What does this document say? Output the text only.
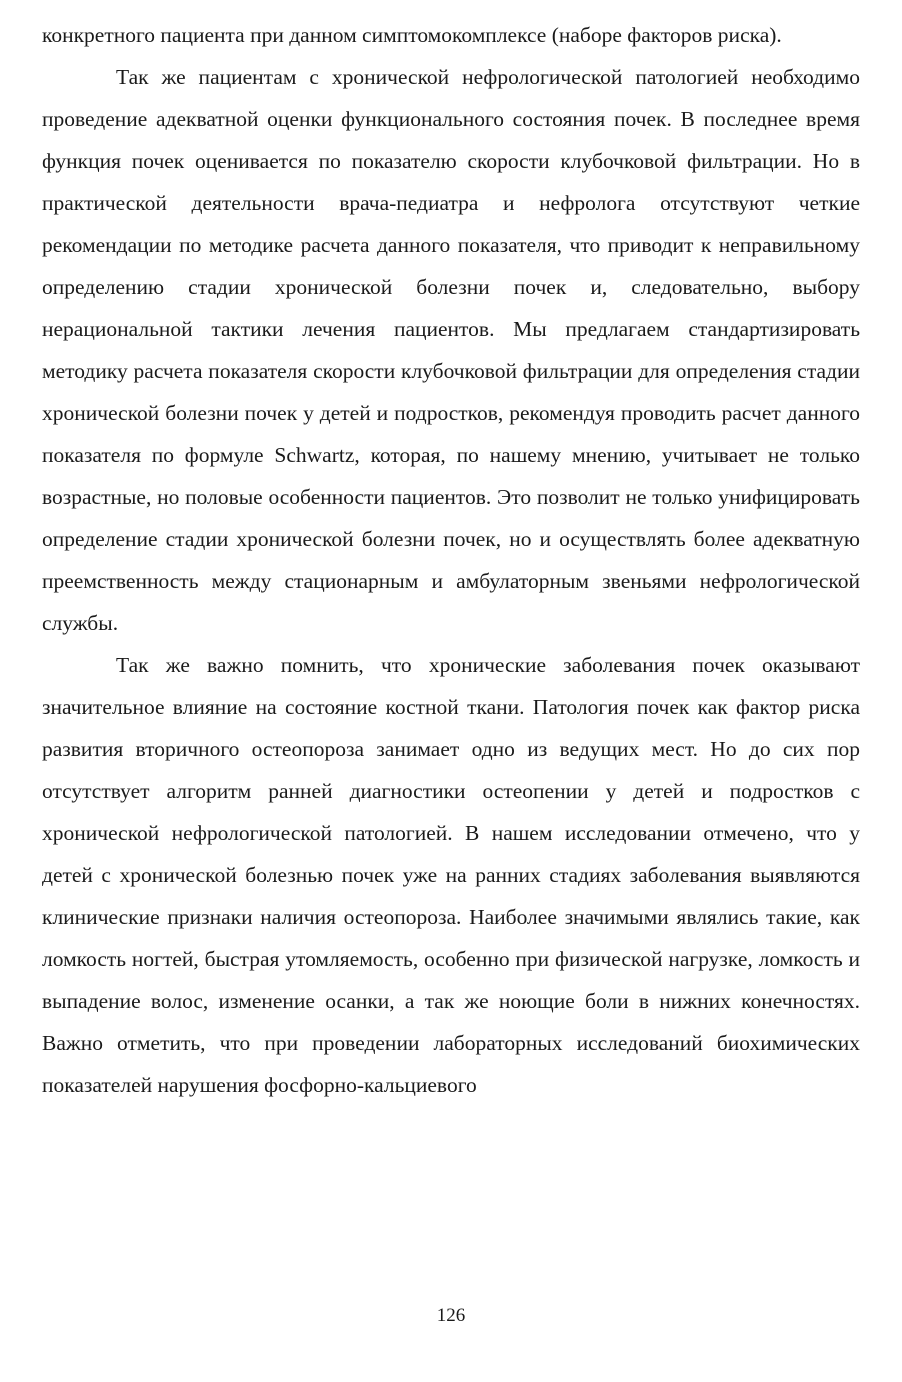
конкретного пациента при данном симптомокомплексе (наборе факторов риска).

Так же пациентам с хронической нефрологической патологией необходимо проведение адекватной оценки функционального состояния почек. В последнее время функция почек оценивается по показателю скорости клубочковой фильтрации. Но в практической деятельности врача-педиатра и нефролога отсутствуют четкие рекомендации по методике расчета данного показателя, что приводит к неправильному определению стадии хронической болезни почек и, следовательно, выбору нерациональной тактики лечения пациентов. Мы предлагаем стандартизировать методику расчета показателя скорости клубочковой фильтрации для определения стадии хронической болезни почек у детей и подростков, рекомендуя проводить расчет данного показателя по формуле Schwartz, которая, по нашему мнению, учитывает не только возрастные, но половые особенности пациентов. Это позволит не только унифицировать определение стадии хронической болезни почек, но и осуществлять более адекватную преемственность между стационарным и амбулаторным звеньями нефрологической службы.

Так же важно помнить, что хронические заболевания почек оказывают значительное влияние на состояние костной ткани. Патология почек как фактор риска развития вторичного остеопороза занимает одно из ведущих мест. Но до сих пор отсутствует алгоритм ранней диагностики остеопении у детей и подростков с хронической нефрологической патологией. В нашем исследовании отмечено, что у детей с хронической болезнью почек уже на ранних стадиях заболевания выявляются клинические признаки наличия остеопороза. Наиболее значимыми являлись такие, как ломкость ногтей, быстрая утомляемость, особенно при физической нагрузке, ломкость и выпадение волос, изменение осанки, а так же ноющие боли в нижних конечностях. Важно отметить, что при проведении лабораторных исследований биохимических показателей нарушения фосфорно-кальциевого

126
